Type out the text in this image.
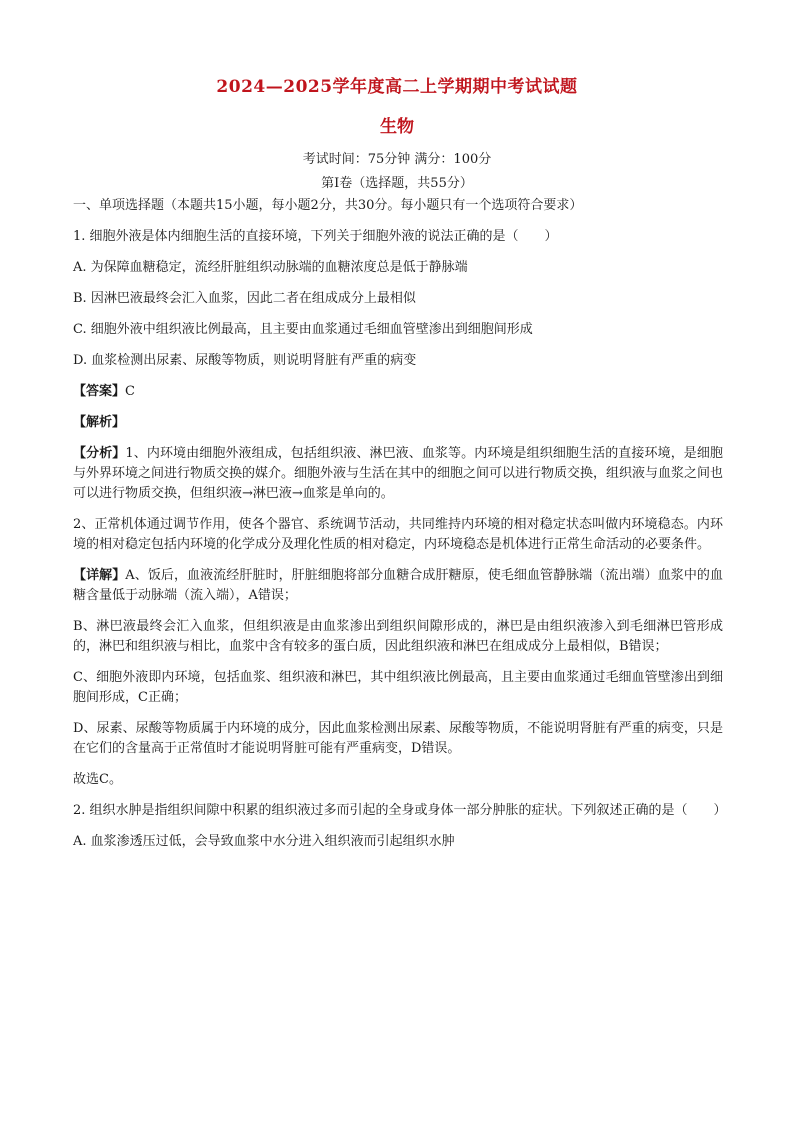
2024—2025学年度高二上学期期中考试试题
生物
考试时间：75分钟 满分：100分
第Ⅰ卷（选择题，共55分）

一、单项选择题（本题共15小题，每小题2分，共30分。每小题只有一个选项符合要求）

1. 细胞外液是体内细胞生活的直接环境，下列关于细胞外液的说法正确的是（　　）

A. 为保障血糖稳定，流经肝脏组织动脉端的血糖浓度总是低于静脉端

B. 因淋巴液最终会汇入血浆，因此二者在组成成分上最相似

C. 细胞外液中组织液比例最高，且主要由血浆通过毛细血管壁渗出到细胞间形成

D. 血浆检测出尿素、尿酸等物质，则说明肾脏有严重的病变

【答案】C

【解析】

【分析】1、内环境由细胞外液组成，包括组织液、淋巴液、血浆等。内环境是组织细胞生活的直接环境，是细胞与外界环境之间进行物质交换的媒介。细胞外液与生活在其中的细胞之间可以进行物质交换，组织液与血浆之间也可以进行物质交换，但组织液→淋巴液→血浆是单向的。

2、正常机体通过调节作用，使各个器官、系统调节活动，共同维持内环境的相对稳定状态叫做内环境稳态。内环境的相对稳定包括内环境的化学成分及理化性质的相对稳定，内环境稳态是机体进行正常生命活动的必要条件。

【详解】A、饭后，血液流经肝脏时，肝脏细胞将部分血糖合成肝糖原，使毛细血管静脉端（流出端）血浆中的血糖含量低于动脉端（流入端），A错误；

B、淋巴液最终会汇入血浆，但组织液是由血浆渗出到组织间隙形成的，淋巴是由组织液渗入到毛细淋巴管形成的，淋巴和组织液与相比，血浆中含有较多的蛋白质，因此组织液和淋巴在组成成分上最相似，B错误；

C、细胞外液即内环境，包括血浆、组织液和淋巴，其中组织液比例最高，且主要由血浆通过毛细血管壁渗出到细胞间形成，C正确；

D、尿素、尿酸等物质属于内环境的成分，因此血浆检测出尿素、尿酸等物质，不能说明肾脏有严重的病变，只是在它们的含量高于正常值时才能说明肾脏可能有严重病变，D错误。

故选C。

2. 组织水肿是指组织间隙中积累的组织液过多而引起的全身或身体一部分肿胀的症状。下列叙述正确的是（　　）

A. 血浆渗透压过低，会导致血浆中水分进入组织液而引起组织水肿
